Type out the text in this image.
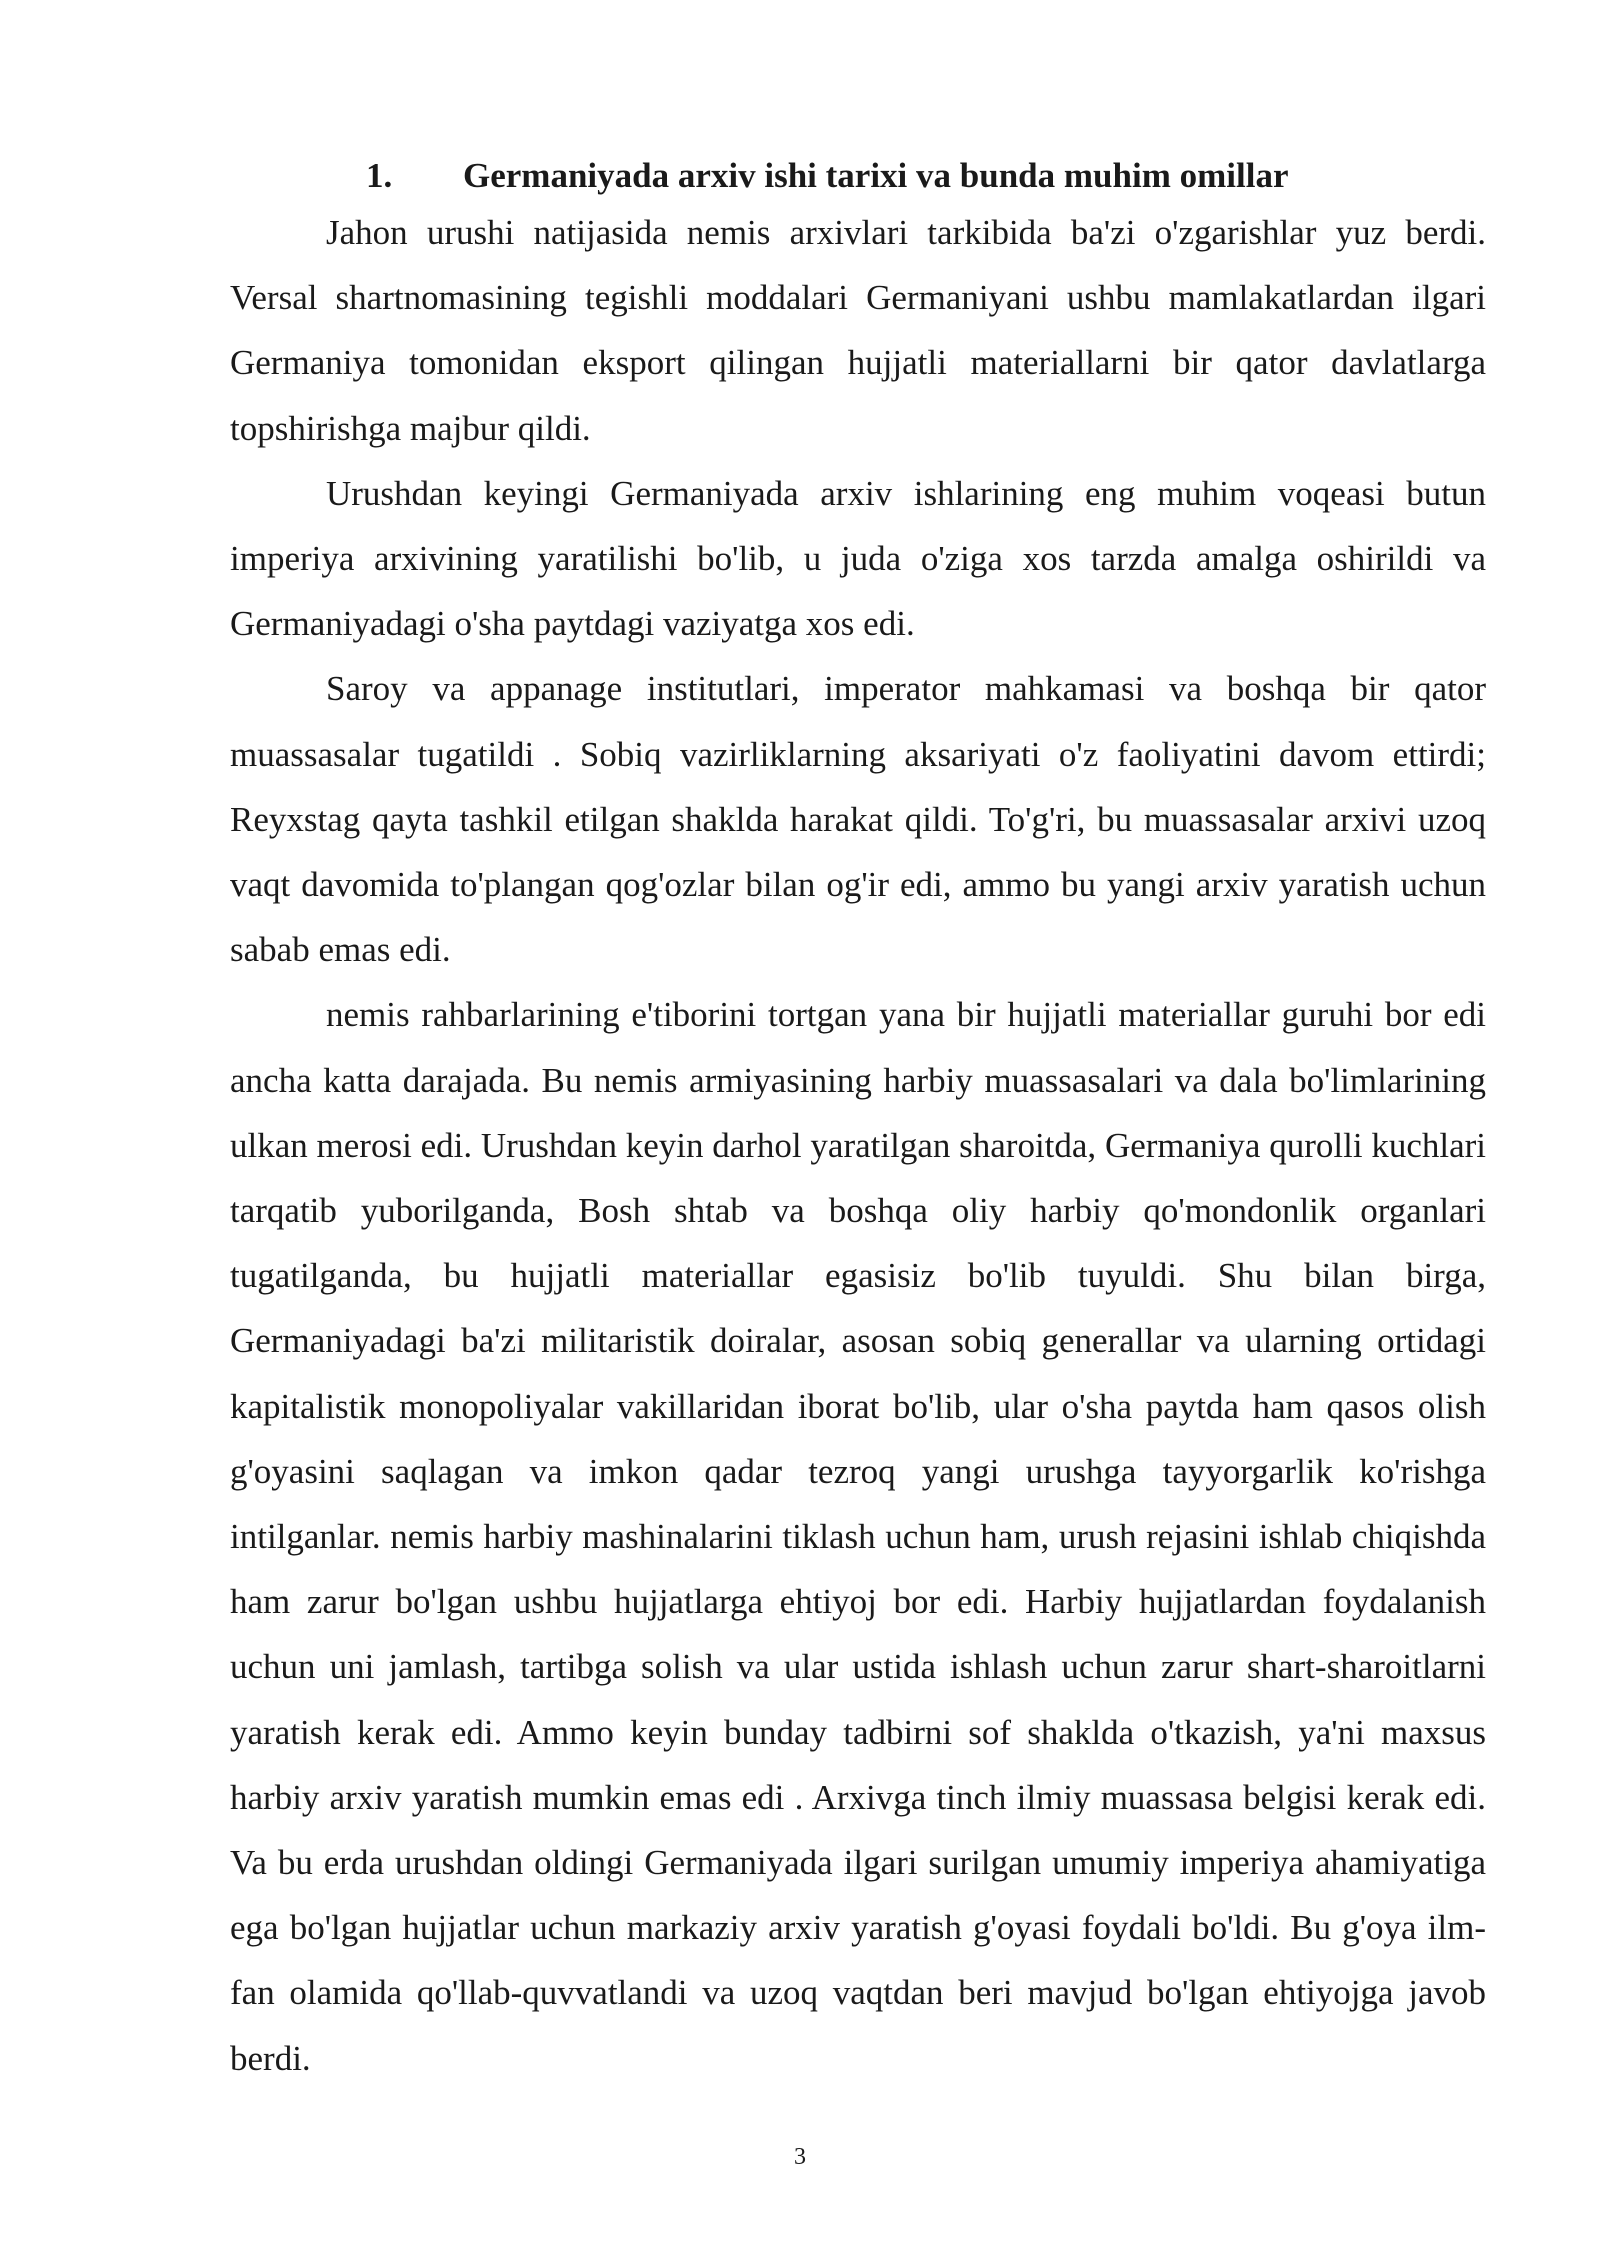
1. Germaniyada arxiv ishi tarixi va bunda muhim omillar

Jahon urushi natijasida nemis arxivlari tarkibida ba'zi o'zgarishlar yuz berdi. Versal shartnomasining tegishli moddalari Germaniyani ushbu mamlakatlardan ilgari Germaniya tomonidan eksport qilingan hujjatli materiallarni bir qator davlatlarga topshirishga majbur qildi.

Urushdan keyingi Germaniyada arxiv ishlarining eng muhim voqeasi butun imperiya arxivining yaratilishi bo'lib, u juda o'ziga xos tarzda amalga oshirildi va Germaniyadagi o'sha paytdagi vaziyatga xos edi.

Saroy va appanage institutlari, imperator mahkamasi va boshqa bir qator muassasalar tugatildi . Sobiq vazirliklarning aksariyati o'z faoliyatini davom ettirdi; Reyxstag qayta tashkil etilgan shaklda harakat qildi. To'g'ri, bu muassasalar arxivi uzoq vaqt davomida to'plangan qog'ozlar bilan og'ir edi, ammo bu yangi arxiv yaratish uchun sabab emas edi.

nemis rahbarlarining e'tiborini tortgan yana bir hujjatli materiallar guruhi bor edi ancha katta darajada. Bu nemis armiyasining harbiy muassasalari va dala bo'limlarining ulkan merosi edi. Urushdan keyin darhol yaratilgan sharoitda, Germaniya qurolli kuchlari tarqatib yuborilganda, Bosh shtab va boshqa oliy harbiy qo'mondonlik organlari tugatilganda, bu hujjatli materiallar egasisiz bo'lib tuyuldi. Shu bilan birga, Germaniyadagi ba'zi militaristik doiralar, asosan sobiq generallar va ularning ortidagi kapitalistik monopoliyalar vakillaridan iborat bo'lib, ular o'sha paytda ham qasos olish g'oyasini saqlagan va imkon qadar tezroq yangi urushga tayyorgarlik ko'rishga intilganlar. nemis harbiy mashinalarini tiklash uchun ham, urush rejasini ishlab chiqishda ham zarur bo'lgan ushbu hujjatlarga ehtiyoj bor edi. Harbiy hujjatlardan foydalanish uchun uni jamlash, tartibga solish va ular ustida ishlash uchun zarur shart-sharoitlarni yaratish kerak edi. Ammo keyin bunday tadbirni sof shaklda o'tkazish, ya'ni maxsus harbiy arxiv yaratish mumkin emas edi . Arxivga tinch ilmiy muassasa belgisi kerak edi. Va bu erda urushdan oldingi Germaniyada ilgari surilgan umumiy imperiya ahamiyatiga ega bo'lgan hujjatlar uchun markaziy arxiv yaratish g'oyasi foydali bo'ldi. Bu g'oya ilm-fan olamida qo'llab-quvvatlandi va uzoq vaqtdan beri mavjud bo'lgan ehtiyojga javob berdi.

3
